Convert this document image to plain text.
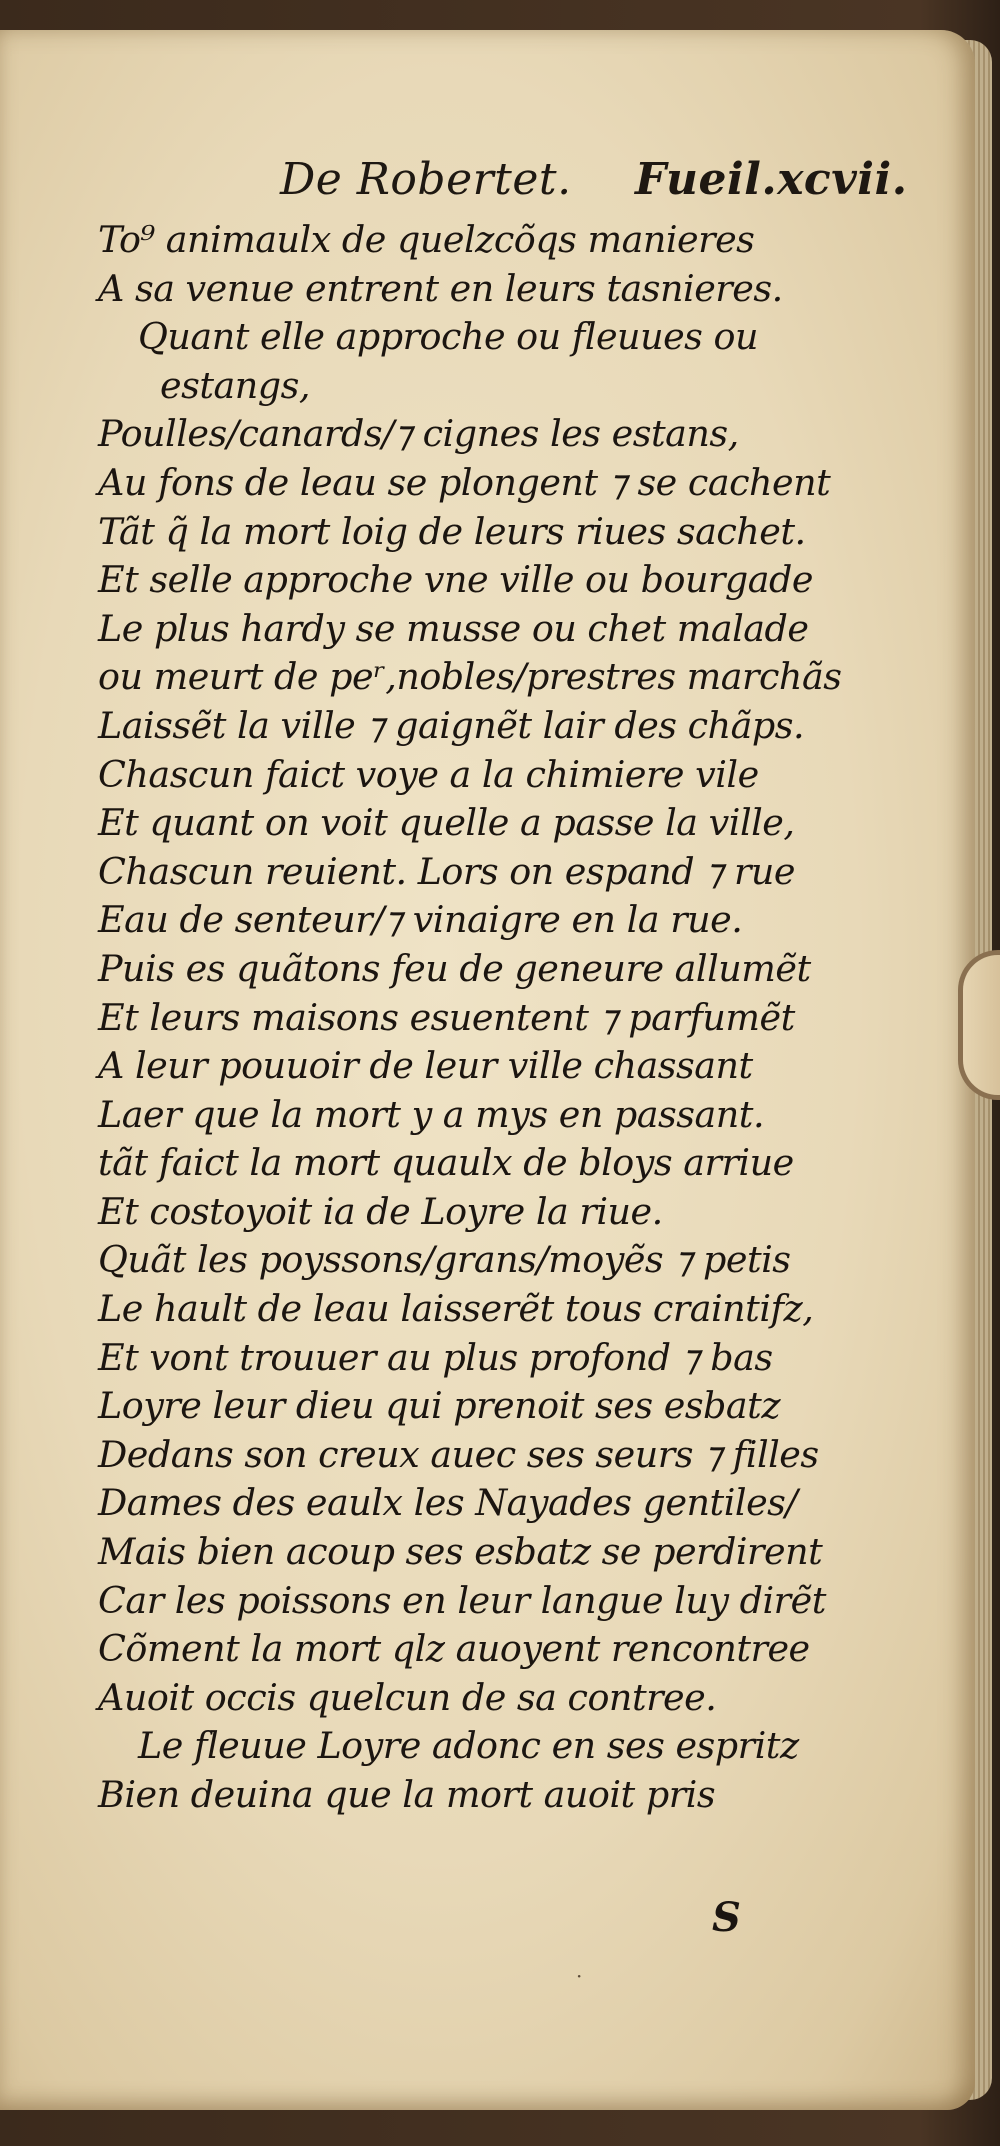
De Robertet. Fueil.xcvii.
To⁹ animaulx de quelzcõqs manieres
A sa venue entrent en leurs tasnieres.
Quant elle approche ou fleuues ou
estangs,
Poulles/canards/⁊ cignes les estans,
Au fons de leau se plongent ⁊ se cachent
Tãt q̃ la mort loig de leurs riues sachet.
Et selle approche vne ville ou bourgade
Le plus hardy se musse ou chet malade
ou meurt de peʳ,nobles/prestres marchãs
Laissẽt la ville ⁊ gaignẽt lair des chãps.
Chascun faict voye a la chimiere vile
Et quant on voit quelle a passe la ville,
Chascun reuient. Lors on espand ⁊ rue
Eau de senteur/⁊ vinaigre en la rue.
Puis es quãtons feu de geneure allumẽt
Et leurs maisons esuentent ⁊ parfumẽt
A leur pouuoir de leur ville chassant
Laer que la mort y a mys en passant.
tãt faict la mort quaulx de bloys arriue
Et costoyoit ia de Loyre la riue.
Quãt les poyssons/grans/moyẽs ⁊ petis
Le hault de leau laisserẽt tous craintifz,
Et vont trouuer au plus profond ⁊ bas
Loyre leur dieu qui prenoit ses esbatz
Dedans son creux auec ses seurs ⁊ filles
Dames des eaulx les Nayades gentiles/
Mais bien acoup ses esbatz se perdirent
Car les poissons en leur langue luy dirẽt
Cõment la mort qlz auoyent rencontree
Auoit occis quelcun de sa contree.
Le fleuue Loyre adonc en ses espritz
Bien deuina que la mort auoit pris
S
·
